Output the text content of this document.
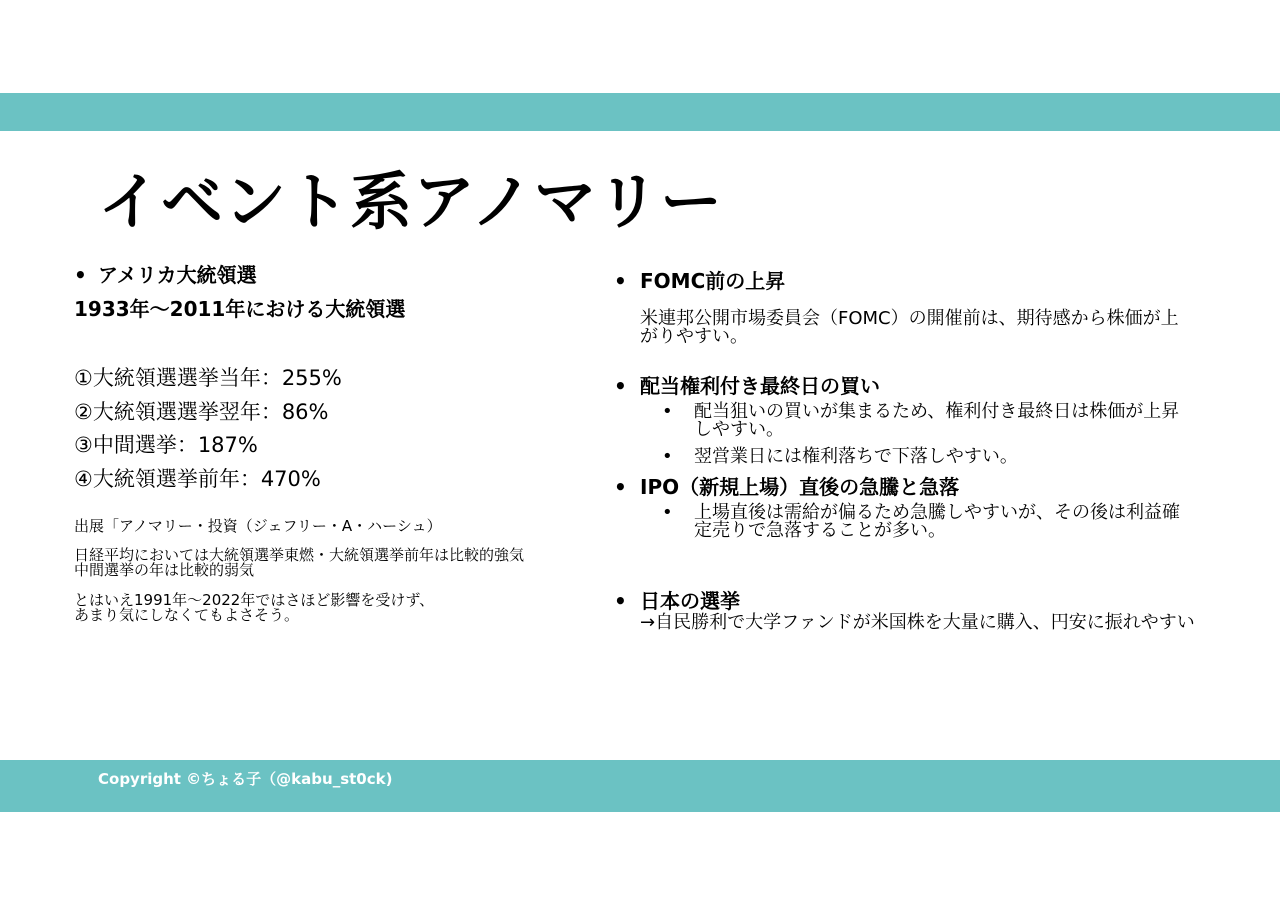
イベント系アノマリー
• アメリカ大統領選
1933年～2011年における大統領選
①大統領選選挙当年：255%
②大統領選選挙翌年：86%
③中間選挙：187%
④大統領選挙前年：470%
出展「アノマリー・投資（ジェフリー・A・ハーシュ）
日経平均においては大統領選挙東燃・大統領選挙前年は比較的強気
中間選挙の年は比較的弱気
とはいえ1991年～2022年ではさほど影響を受けず、
あまり気にしなくてもよさそう。
• FOMC前の上昇
米連邦公開市場委員会（FOMC）の開催前は、期待感から株価が上
がりやすい。
• 配当権利付き最終日の買い
• 配当狙いの買いが集まるため、権利付き最終日は株価が上昇
しやすい。
• 翌営業日には権利落ちで下落しやすい。
• IPO（新規上場）直後の急騰と急落
• 上場直後は需給が偏るため急騰しやすいが、その後は利益確
定売りで急落することが多い。
• 日本の選挙
→自民勝利で大学ファンドが米国株を大量に購入、円安に振れやすい
Copyright ©ちょる子（@kabu_st0ck)
